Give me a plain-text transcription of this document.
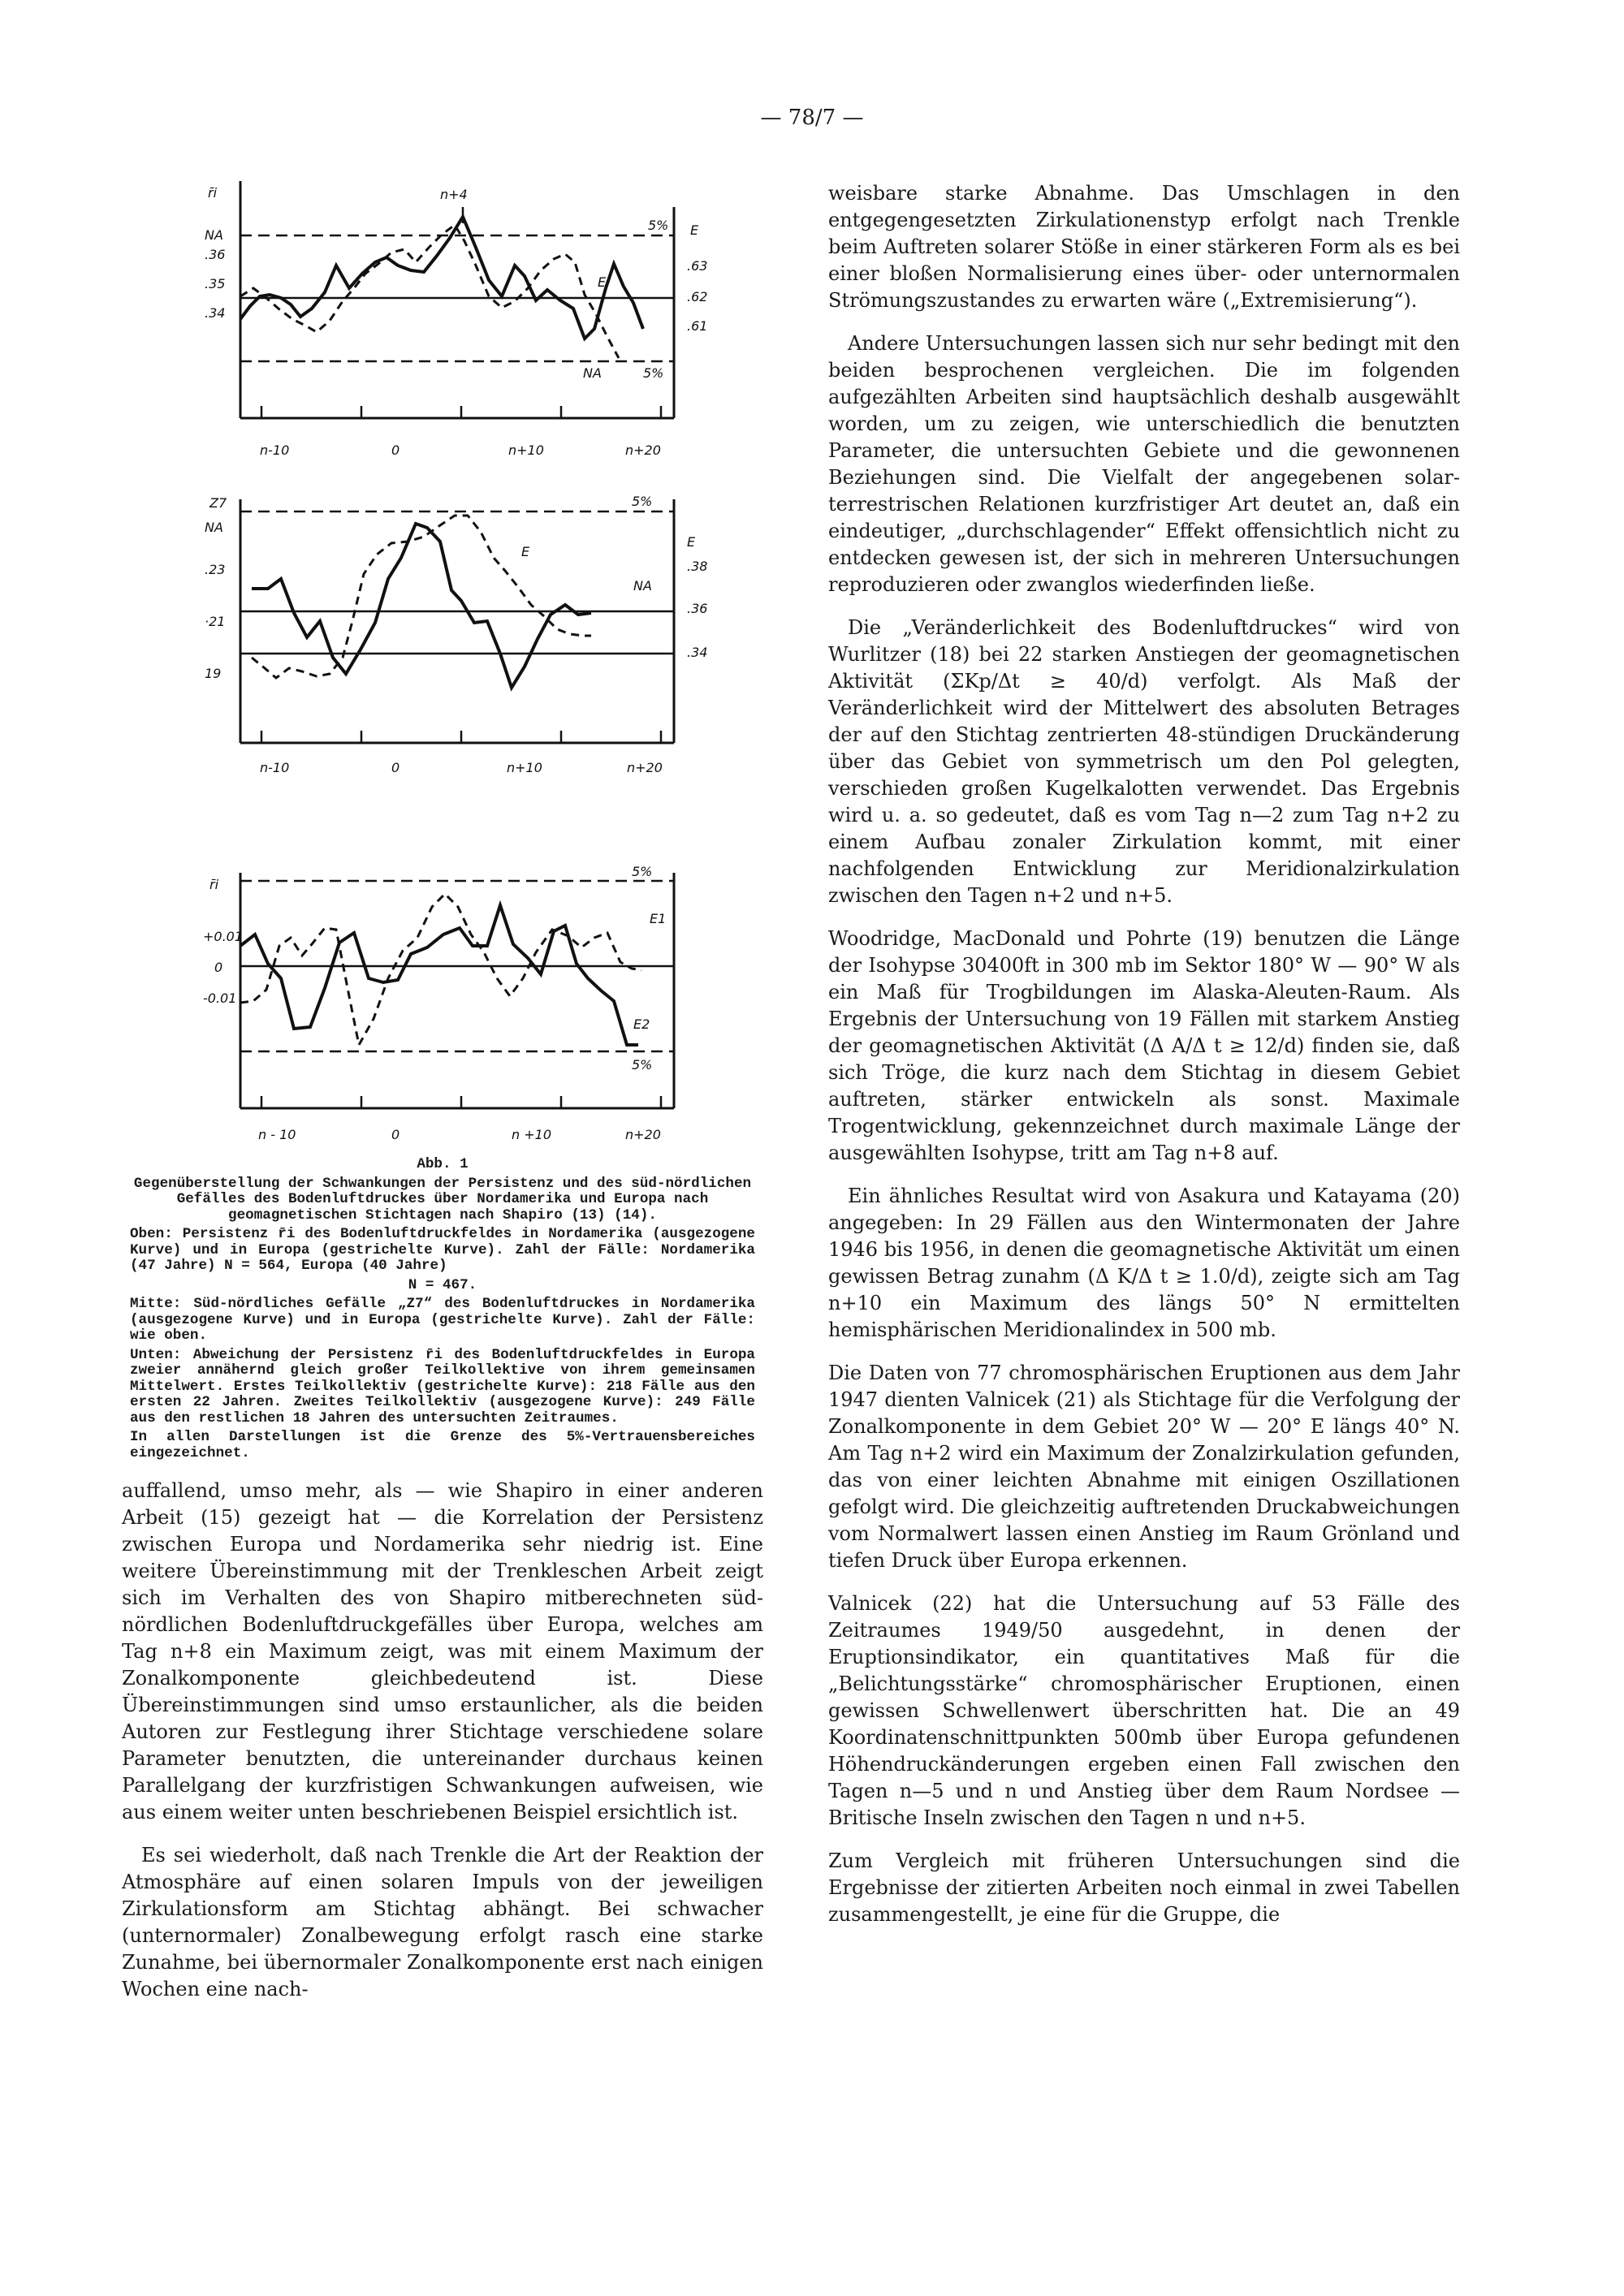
— 78/7 —
r̄i
NA
.36
.35
.34
E
.63
.62
.61
n+4
5%
5%
NA
E
n-10	0	n+10	n+20
Z7
NA
.23
·21
19
E
.38
.36
.34
5%
E
NA
n-10	0	n+10	n+20
r̄i
+0.01
0
-0.01
5%
5%
E1
E2
n - 10	0	n +10	n+20

Abb. 1

Gegenüberstellung der Schwankungen der Persistenz und des süd-nördlichen Gefälles des Bodenluftdruckes über Nordamerika und Europa nach geomagnetischen Stichtagen nach Shapiro (13) (14).

Oben: Persistenz r̄i des Bodenluftdruckfeldes in Nordamerika (ausgezogene Kurve) und in Europa (gestrichelte Kurve). Zahl der Fälle: Nordamerika (47 Jahre) N = 564, Europa (40 Jahre)

N = 467.

Mitte: Süd-nördliches Gefälle „Z7“ des Bodenluftdruckes in Nordamerika (ausgezogene Kurve) und in Europa (gestrichelte Kurve). Zahl der Fälle: wie oben.

Unten: Abweichung der Persistenz r̄i des Bodenluftdruckfeldes in Europa zweier annähernd gleich großer Teilkollektive von ihrem gemeinsamen Mittelwert. Erstes Teilkollektiv (gestrichelte Kurve): 218 Fälle aus den ersten 22 Jahren. Zweites Teilkollektiv (ausgezogene Kurve): 249 Fälle aus den restlichen 18 Jahren des untersuchten Zeitraumes.

In allen Darstellungen ist die Grenze des 5%-Vertrauensbereiches eingezeichnet.

auffallend, umso mehr, als — wie Shapiro in einer anderen Arbeit (15) gezeigt hat — die Korrelation der Persistenz zwischen Europa und Nordamerika sehr niedrig ist. Eine weitere Übereinstimmung mit der Trenkleschen Arbeit zeigt sich im Verhalten des von Shapiro mitberechneten süd-nördlichen Bodenluftdruckgefälles über Europa, welches am Tag n+8 ein Maximum zeigt, was mit einem Maximum der Zonalkomponente gleichbedeutend ist. Diese Übereinstimmungen sind umso erstaunlicher, als die beiden Autoren zur Festlegung ihrer Stichtage verschiedene solare Parameter benutzten, die untereinander durchaus keinen Parallelgang der kurzfristigen Schwankungen aufweisen, wie aus einem weiter unten beschriebenen Beispiel ersichtlich ist.

Es sei wiederholt, daß nach Trenkle die Art der Reaktion der Atmosphäre auf einen solaren Impuls von der jeweiligen Zirkulationsform am Stichtag abhängt. Bei schwacher (unternormaler) Zonalbewegung erfolgt rasch eine starke Zunahme, bei übernormaler Zonalkomponente erst nach einigen Wochen eine nach-

weisbare starke Abnahme. Das Umschlagen in den entgegengesetzten Zirkulationenstyp erfolgt nach Trenkle beim Auftreten solarer Stöße in einer stärkeren Form als es bei einer bloßen Normalisierung eines über- oder unternormalen Strömungszustandes zu erwarten wäre („Extremisierung“).

Andere Untersuchungen lassen sich nur sehr bedingt mit den beiden besprochenen vergleichen. Die im folgenden aufgezählten Arbeiten sind hauptsächlich deshalb ausgewählt worden, um zu zeigen, wie unterschiedlich die benutzten Parameter, die untersuchten Gebiete und die gewonnenen Beziehungen sind. Die Vielfalt der angegebenen solar-terrestrischen Relationen kurzfristiger Art deutet an, daß ein eindeutiger, „durchschlagender“ Effekt offensichtlich nicht zu entdecken gewesen ist, der sich in mehreren Untersuchungen reproduzieren oder zwanglos wiederfinden ließe.

Die „Veränderlichkeit des Bodenluftdruckes“ wird von Wurlitzer (18) bei 22 starken Anstiegen der geomagnetischen Aktivität (ΣKp/Δt ≥ 40/d) verfolgt. Als Maß der Veränderlichkeit wird der Mittelwert des absoluten Betrages der auf den Stichtag zentrierten 48-stündigen Druckänderung über das Gebiet von symmetrisch um den Pol gelegten, verschieden großen Kugelkalotten verwendet. Das Ergebnis wird u. a. so gedeutet, daß es vom Tag n—2 zum Tag n+2 zu einem Aufbau zonaler Zirkulation kommt, mit einer nachfolgenden Entwicklung zur Meridionalzirkulation zwischen den Tagen n+2 und n+5.

Woodridge, MacDonald und Pohrte (19) benutzen die Länge der Isohypse 30400ft in 300 mb im Sektor 180° W — 90° W als ein Maß für Trogbildungen im Alaska-Aleuten-Raum. Als Ergebnis der Untersuchung von 19 Fällen mit starkem Anstieg der geomagnetischen Aktivität (Δ A/Δ t ≥ 12/d) finden sie, daß sich Tröge, die kurz nach dem Stichtag in diesem Gebiet auftreten, stärker entwickeln als sonst. Maximale Trogentwicklung, gekennzeichnet durch maximale Länge der ausgewählten Isohypse, tritt am Tag n+8 auf.

Ein ähnliches Resultat wird von Asakura und Katayama (20) angegeben: In 29 Fällen aus den Wintermonaten der Jahre 1946 bis 1956, in denen die geomagnetische Aktivität um einen gewissen Betrag zunahm (Δ K/Δ t ≥ 1.0/d), zeigte sich am Tag n+10 ein Maximum des längs 50° N ermittelten hemisphärischen Meridionalindex in 500 mb.

Die Daten von 77 chromosphärischen Eruptionen aus dem Jahr 1947 dienten Valnicek (21) als Stichtage für die Verfolgung der Zonalkomponente in dem Gebiet 20° W — 20° E längs 40° N. Am Tag n+2 wird ein Maximum der Zonalzirkulation gefunden, das von einer leichten Abnahme mit einigen Oszillationen gefolgt wird. Die gleichzeitig auftretenden Druckabweichungen vom Normalwert lassen einen Anstieg im Raum Grönland und tiefen Druck über Europa erkennen.

Valnicek (22) hat die Untersuchung auf 53 Fälle des Zeitraumes 1949/50 ausgedehnt, in denen der Eruptionsindikator, ein quantitatives Maß für die „Belichtungsstärke“ chromosphärischer Eruptionen, einen gewissen Schwellenwert überschritten hat. Die an 49 Koordinatenschnittpunkten 500mb über Europa gefundenen Höhendruckänderungen ergeben einen Fall zwischen den Tagen n—5 und n und Anstieg über dem Raum Nordsee — Britische Inseln zwischen den Tagen n und n+5.

Zum Vergleich mit früheren Untersuchungen sind die Ergebnisse der zitierten Arbeiten noch einmal in zwei Tabellen zusammengestellt, je eine für die Gruppe, die
